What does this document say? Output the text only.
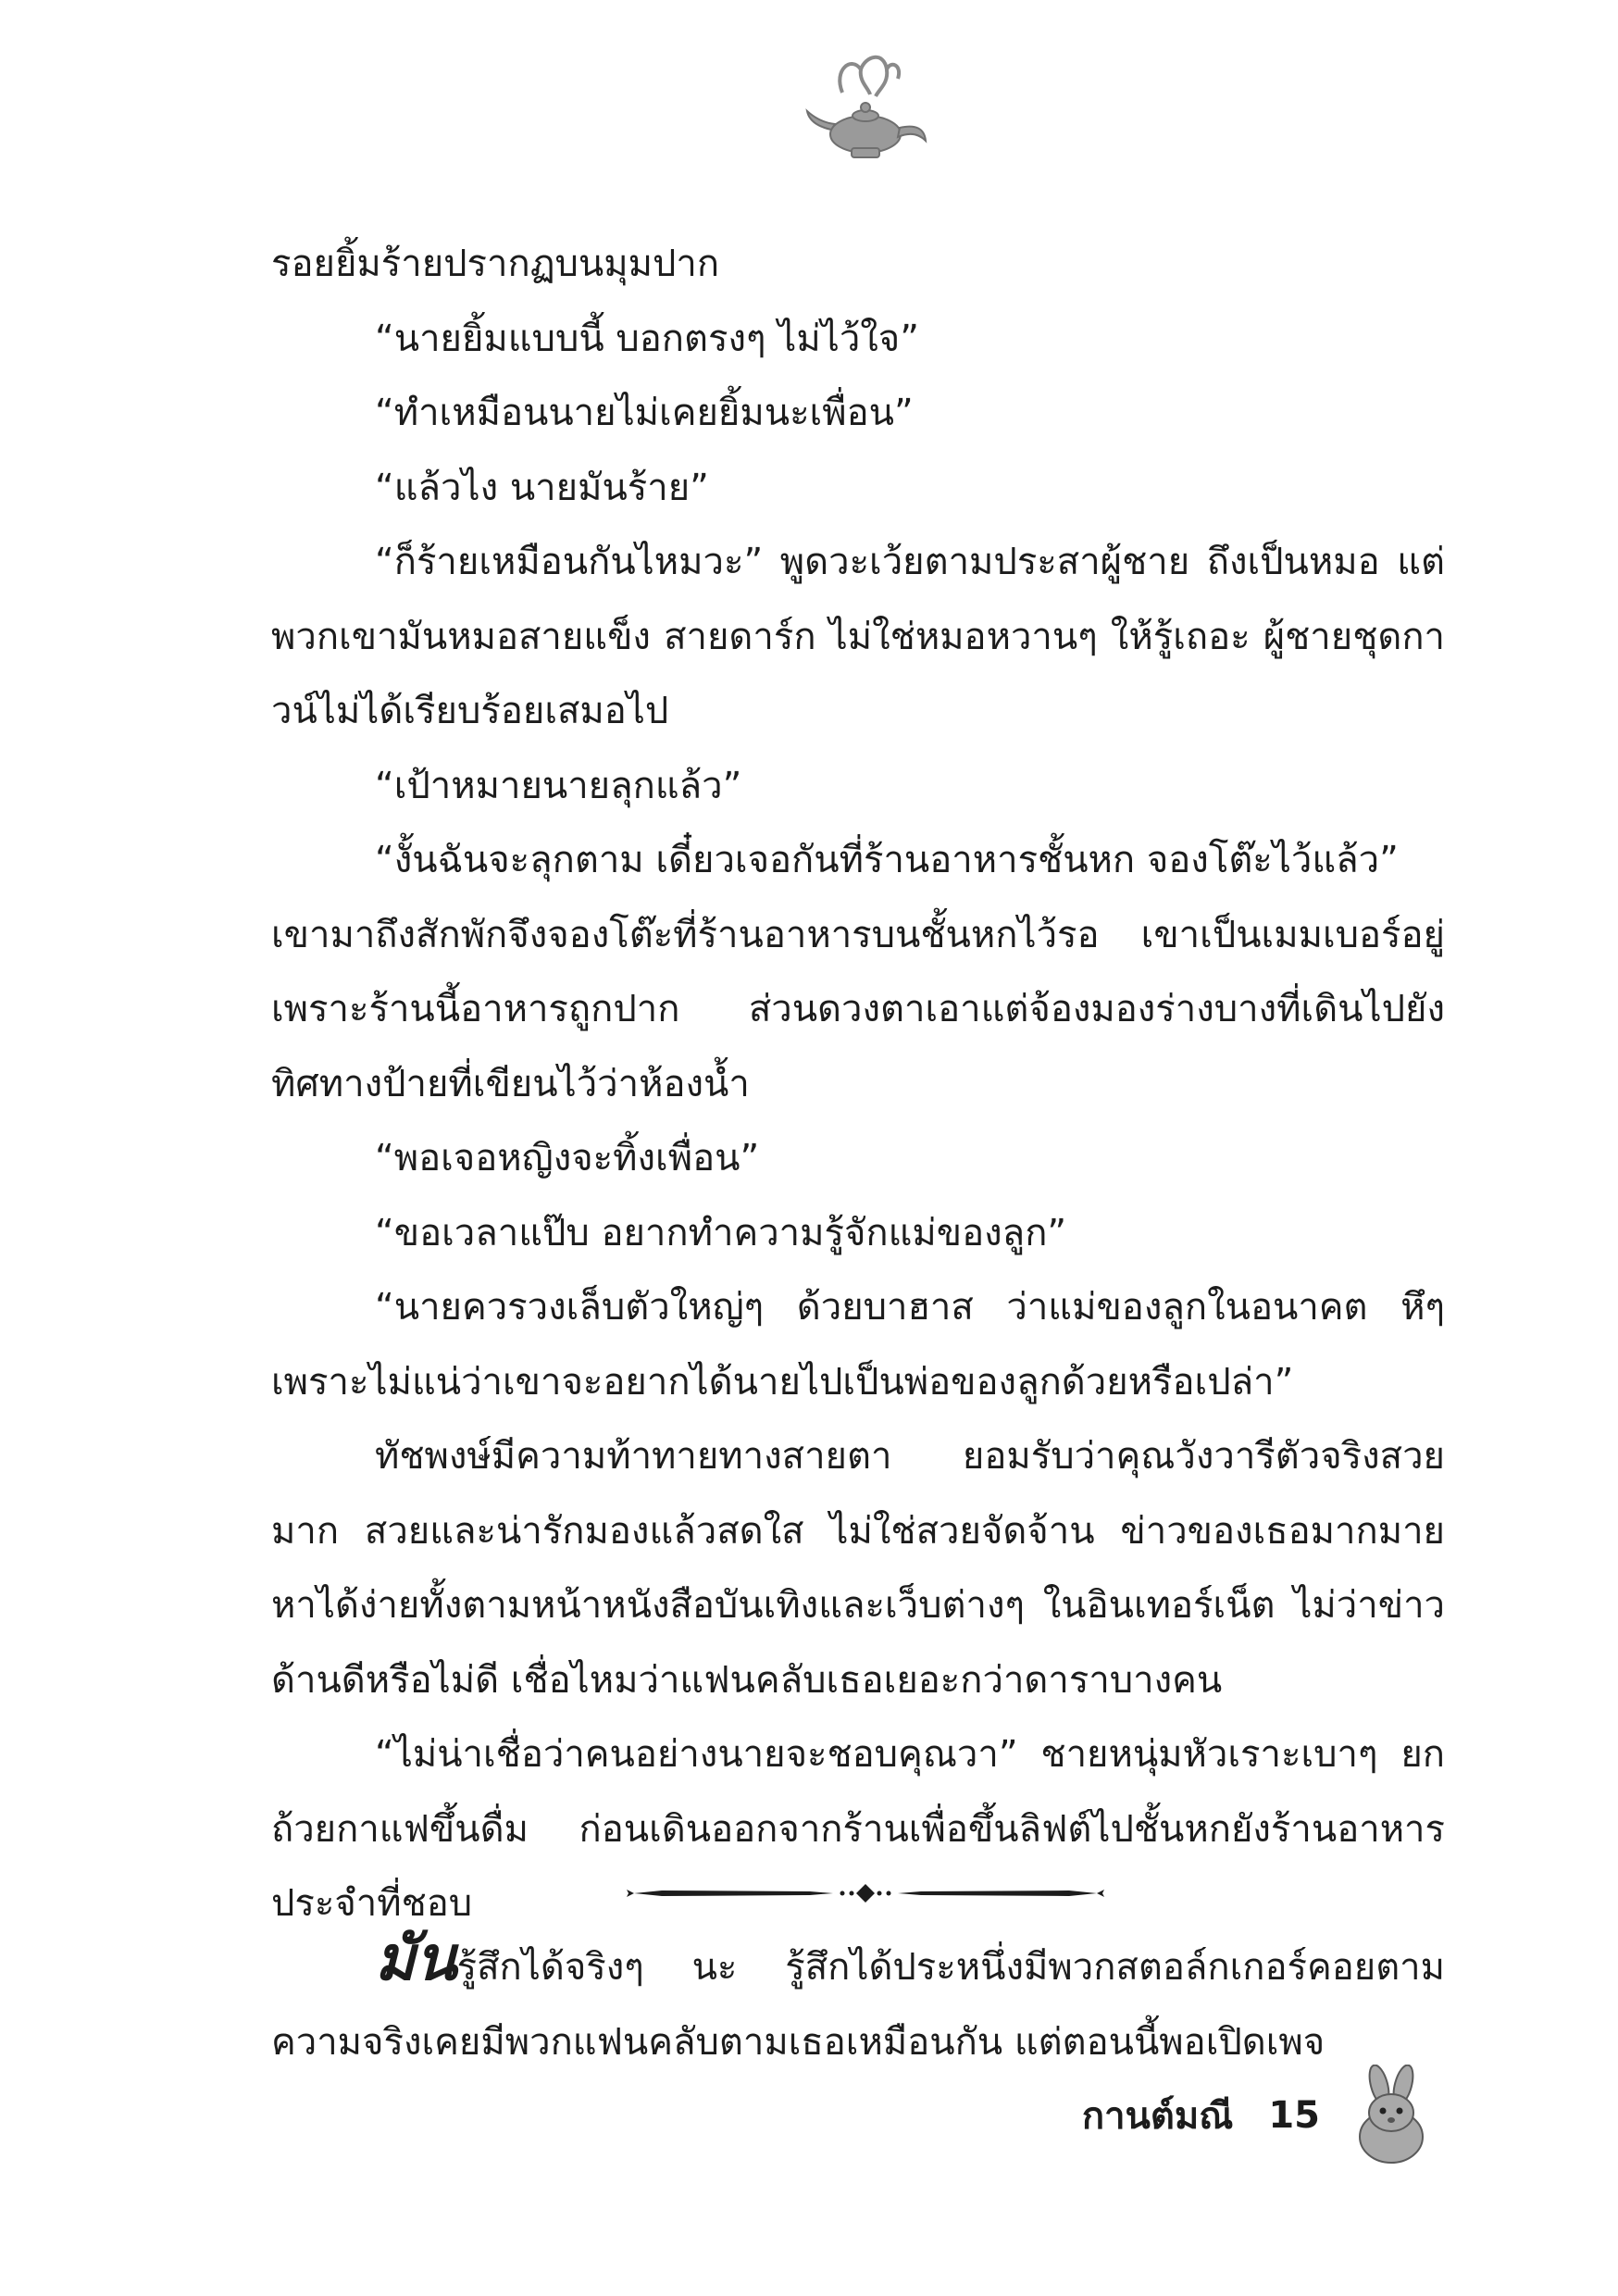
รอยยิ้มร้ายปรากฏบนมุมปาก

“นายยิ้มแบบนี้ บอกตรงๆ ไม่ไว้ใจ”

“ทำเหมือนนายไม่เคยยิ้มนะเพื่อน”

“แล้วไง นายมันร้าย”

“ก็ร้ายเหมือนกันไหมวะ” พูดวะเว้ยตามประสาผู้ชาย ถึงเป็นหมอ แต่พวกเขามันหมอสายแข็ง สายดาร์ก ไม่ใช่หมอหวานๆ ให้รู้เถอะ ผู้ชายชุดกาวน์ไม่ได้เรียบร้อยเสมอไป

“เป้าหมายนายลุกแล้ว”

“งั้นฉันจะลุกตาม เดี๋ยวเจอกันที่ร้านอาหารชั้นหก จองโต๊ะไว้แล้ว”

เขามาถึงสักพักจึงจองโต๊ะที่ร้านอาหารบนชั้นหกไว้รอ เขาเป็นเมมเบอร์อยู่ เพราะร้านนี้อาหารถูกปาก ส่วนดวงตาเอาแต่จ้องมองร่างบางที่เดินไปยังทิศทางป้ายที่เขียนไว้ว่าห้องน้ำ

“พอเจอหญิงจะทิ้งเพื่อน”

“ขอเวลาแป๊บ อยากทำความรู้จักแม่ของลูก”

“นายควรวงเล็บตัวใหญ่ๆ ด้วยบาฮาส ว่าแม่ของลูกในอนาคต หึๆ เพราะไม่แน่ว่าเขาจะอยากได้นายไปเป็นพ่อของลูกด้วยหรือเปล่า”

ทัชพงษ์มีความท้าทายทางสายตา ยอมรับว่าคุณวังวารีตัวจริงสวยมาก สวยและน่ารักมองแล้วสดใส ไม่ใช่สวยจัดจ้าน ข่าวของเธอมากมายหาได้ง่ายทั้งตามหน้าหนังสือบันเทิงและเว็บต่างๆ ในอินเทอร์เน็ต ไม่ว่าข่าวด้านดีหรือไม่ดี เชื่อไหมว่าแฟนคลับเธอเยอะกว่าดาราบางคน

“ไม่น่าเชื่อว่าคนอย่างนายจะชอบคุณวา” ชายหนุ่มหัวเราะเบาๆ ยกถ้วยกาแฟขึ้นดื่ม ก่อนเดินออกจากร้านเพื่อขึ้นลิฟต์ไปชั้นหกยังร้านอาหารประจำที่ชอบ

มันรู้สึกได้จริงๆ นะ รู้สึกได้ประหนึ่งมีพวกสตอล์กเกอร์คอยตาม ความจริงเคยมีพวกแฟนคลับตามเธอเหมือนกัน แต่ตอนนี้พอเปิดเพจ

กานต์มณี 15
